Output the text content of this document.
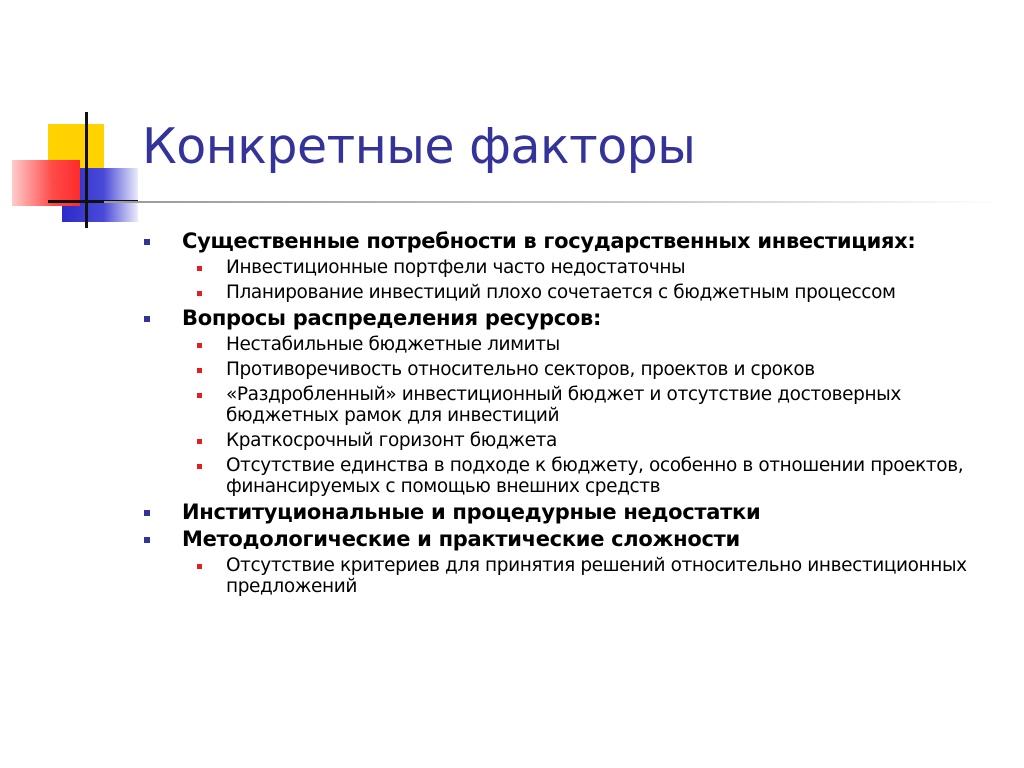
Конкретные факторы
Существенные потребности в государственных инвестициях:
Инвестиционные портфели часто недостаточны
Планирование инвестиций плохо сочетается с бюджетным процессом
Вопросы распределения ресурсов:
Нестабильные бюджетные лимиты
Противоречивость относительно секторов, проектов и сроков
«Раздробленный» инвестиционный бюджет и отсутствие достоверных бюджетных рамок для инвестиций
Краткосрочный горизонт бюджета
Отсутствие единства в подходе к бюджету, особенно в отношении проектов, финансируемых с помощью внешних средств
Институциональные и процедурные недостатки
Методологические и практические сложности
Отсутствие критериев для принятия решений относительно инвестиционных предложений
